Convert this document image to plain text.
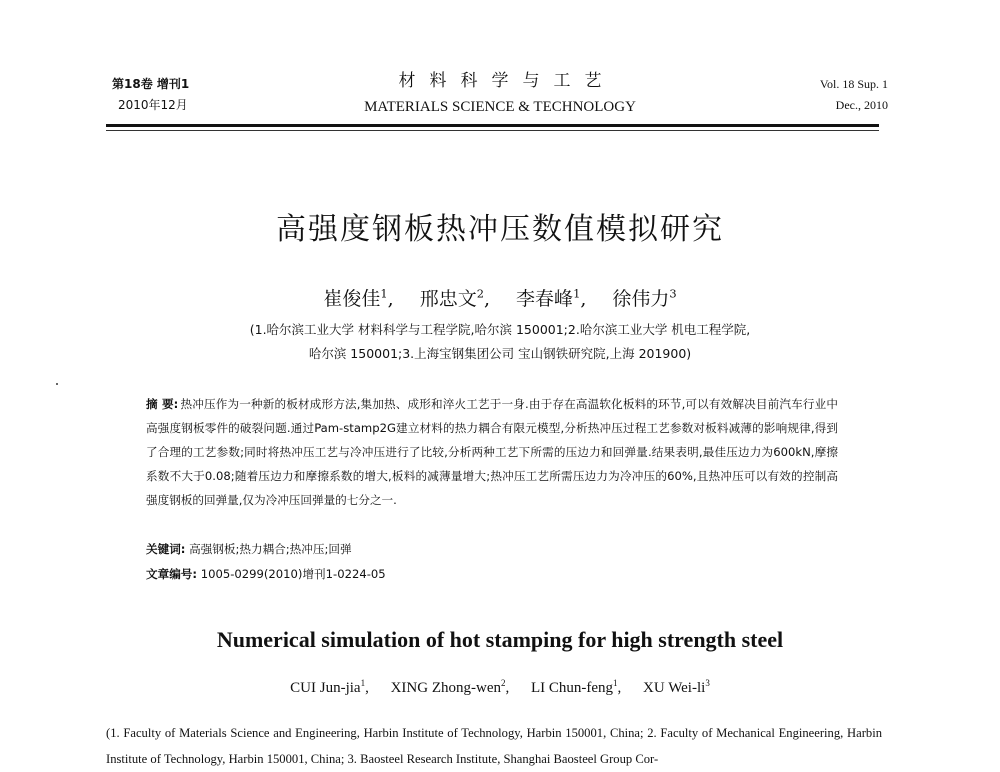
第18卷 增刊1
2010年12月
材料科学与工艺
MATERIALS SCIENCE & TECHNOLOGY
Vol. 18 Sup. 1
Dec., 2010
高强度钢板热冲压数值模拟研究
崔俊佳$^1$, 邢忠文$^2$, 李春峰$^1$, 徐伟力$^3$
(1.哈尔滨工业大学 材料科学与工程学院,哈尔滨 150001;2.哈尔滨工业大学 机电工程学院,
哈尔滨 150001;3.上海宝钢集团公司 宝山钢铁研究院,上海 201900)
摘 要: 热冲压作为一种新的板材成形方法,集加热、成形和淬火工艺于一身.由于存在高温软化板料的环节,可以有效解决目前汽车行业中高强度钢板零件的破裂问题.通过Pam-stamp2G建立材料的热力耦合有限元模型,分析热冲压过程工艺参数对板料减薄的影响规律,得到了合理的工艺参数;同时将热冲压工艺与冷冲压进行了比较,分析两种工艺下所需的压边力和回弹量.结果表明,最佳压边力为600kN,摩擦系数不大于0.08;随着压边力和摩擦系数的增大,板料的减薄量增大;热冲压工艺所需压边力为冷冲压的60%,且热冲压可以有效的控制高强度钢板的回弹量,仅为冷冲压回弹量的七分之一.
关键词: 高强钢板;热力耦合;热冲压;回弹
文章编号: 1005-0299(2010)增刊1-0224-05
Numerical simulation of hot stamping for high strength steel
CUI Jun-jia$^1$, XING Zhong-wen$^2$, LI Chun-feng$^1$, XU Wei-$li^3$
(1. Faculty of Materials Science and Engineering, Harbin Institute of Technology, Harbin 150001, China; 2. Faculty of Mechanical Engineering, Harbin Institute of Technology, Harbin 150001, China; 3. Baosteel Research Institute, Shanghai Baosteel Group Cor-
